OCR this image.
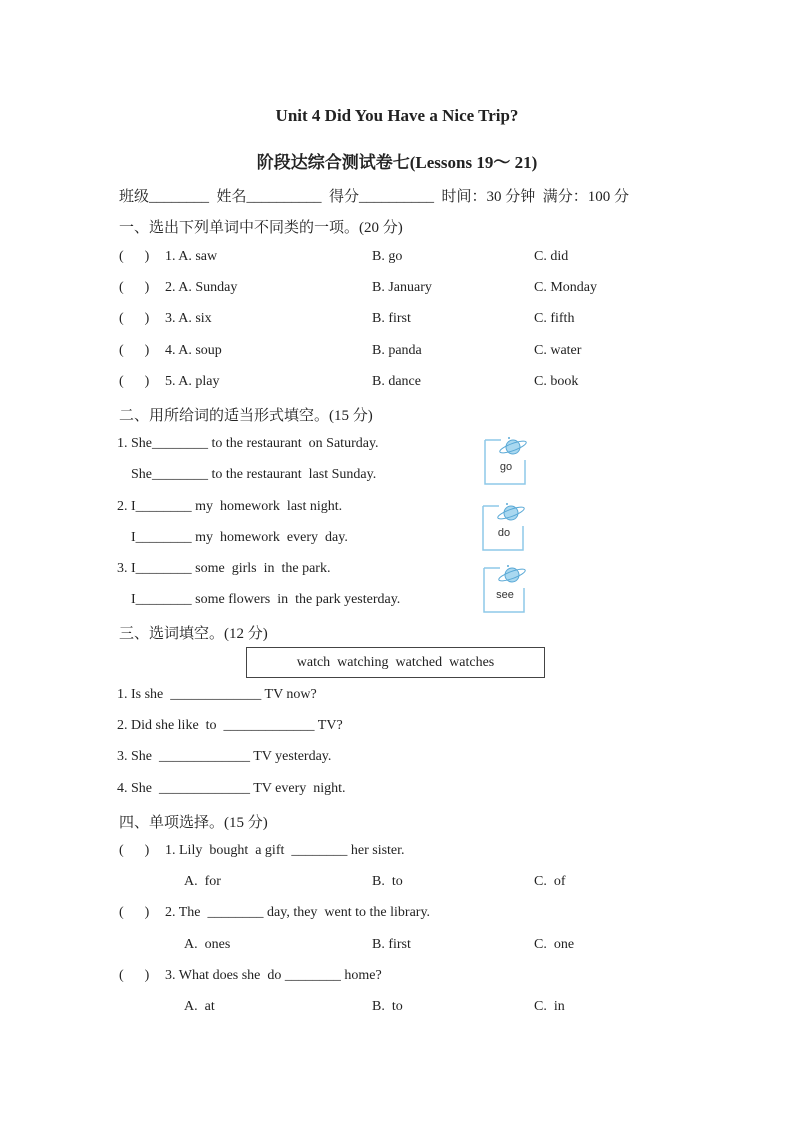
Unit 4 Did You Have a Nice Trip?
阶段达综合测试卷七(Lessons 19～ 21)
班级________  姓名__________  得分__________  时间：30 分钟  满分：100 分
一、选出下列单词中不同类的一项。(20 分)
(      ) 1. A. saw	B. go	C. did
(      ) 2. A. Sunday	B. January	C. Monday
(      ) 3. A. six	B. first	C. fifth
(      ) 4. A. soup	B. panda	C. water
(      ) 5. A. play	B. dance	C. book
二、用所给词的适当形式填空。(15 分)
1. She________ to the restaurant  on Saturday.
She________ to the restaurant  last Sunday.
2. I________ my  homework  last night.
I________ my  homework  every  day.
3. I________ some  girls  in  the park.
I________ some flowers  in  the park yesterday.
go
do
see
三、选词填空。(12 分)
watch  watching  watched  watches
1. Is she  _____________ TV now?
2. Did she like  to  _____________ TV?
3. She  _____________ TV yesterday.
4. She  _____________ TV every  night.
四、单项选择。(15 分)
(      ) 1. Lily  bought  a gift  ________ her sister.
A.  for	B.  to	C.  of
(      ) 2. The  ________ day, they  went to the library.
A.  ones	B. first	C.  one
(      ) 3. What does she  do ________ home?
A.  at	B.  to	C.  in
